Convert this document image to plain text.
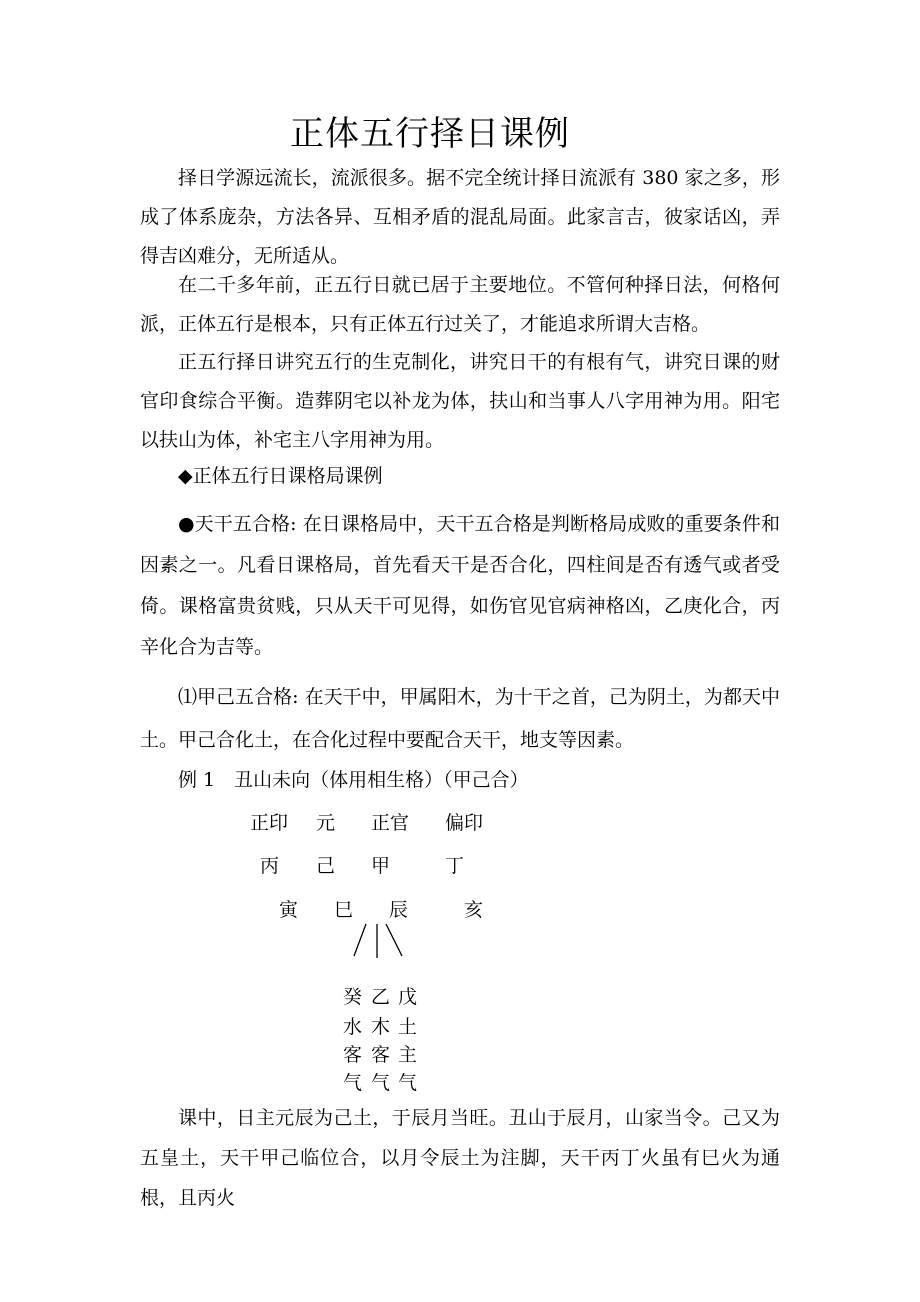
正体五行择日课例

择日学源远流长，流派很多。据不完全统计择日流派有 380 家之多，形成了体系庞杂，方法各异、互相矛盾的混乱局面。此家言吉，彼家话凶，弄得吉凶难分，无所适从。

在二千多年前，正五行日就已居于主要地位。不管何种择日法，何格何派，正体五行是根本，只有正体五行过关了，才能追求所谓大吉格。

正五行择日讲究五行的生克制化，讲究日干的有根有气，讲究日课的财官印食综合平衡。造葬阴宅以补龙为体，扶山和当事人八字用神为用。阳宅以扶山为体，补宅主八字用神为用。

◆正体五行日课格局课例

●天干五合格: 在日课格局中，天干五合格是判断格局成败的重要条件和因素之一。凡看日课格局，首先看天干是否合化，四柱间是否有透气或者受倚。课格富贵贫贱，只从天干可见得，如伤官见官病神格凶，乙庚化合，丙辛化合为吉等。

⑴甲己五合格: 在天干中，甲属阳木，为十干之首，己为阴土，为都天中土。甲己合化土，在合化过程中要配合天干，地支等因素。

例 1　丑山未向（体用相生格）（甲己合）
正印 元 正官 偏印
丙 己 甲	丁
寅 巳 辰	亥
癸 乙 戊
水 木 土
客 客 主
气 气 气

课中，日主元辰为己土，于辰月当旺。丑山于辰月，山家当令。己又为五皇土，天干甲己临位合，以月令辰土为注脚，天干丙丁火虽有巳火为通根，且丙火
